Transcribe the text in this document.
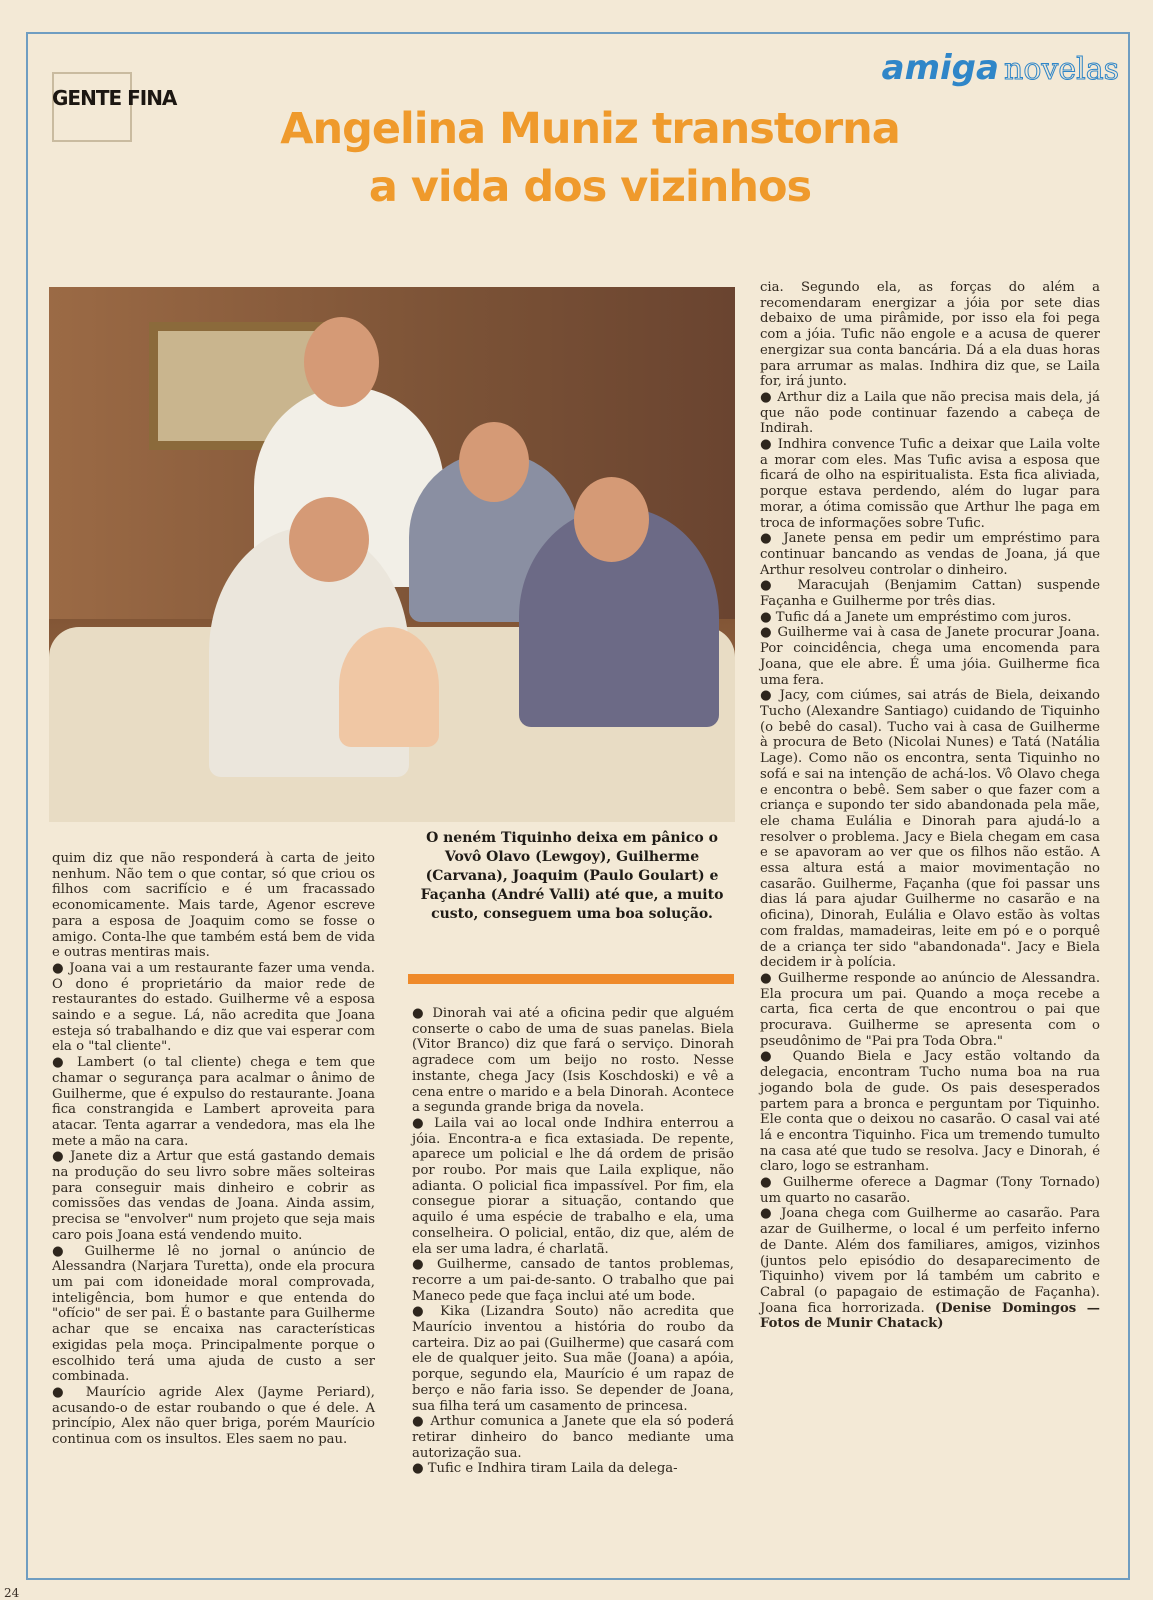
GENTE FINA
amiga novelas
Angelina Muniz transtorna
a vida dos vizinhos
O neném Tiquinho deixa em pânico o Vovô Olavo (Lewgoy), Guilherme (Carvana), Joaquim (Paulo Goulart) e Façanha (André Valli) até que, a muito custo, conseguem uma boa solução.

quim diz que não responderá à carta de jeito nenhum. Não tem o que contar, só que criou os filhos com sacrifício e é um fracassado economicamente. Mais tarde, Agenor escreve para a esposa de Joaquim como se fosse o amigo. Conta-lhe que também está bem de vida e outras mentiras mais.

● Joana vai a um restaurante fazer uma venda. O dono é proprietário da maior rede de restaurantes do estado. Guilherme vê a esposa saindo e a segue. Lá, não acredita que Joana esteja só trabalhando e diz que vai esperar com ela o "tal cliente".

● Lambert (o tal cliente) chega e tem que chamar o segurança para acalmar o ânimo de Guilherme, que é expulso do restaurante. Joana fica constrangida e Lambert aproveita para atacar. Tenta agarrar a vendedora, mas ela lhe mete a mão na cara.

● Janete diz a Artur que está gastando demais na produção do seu livro sobre mães solteiras para conseguir mais dinheiro e cobrir as comissões das vendas de Joana. Ainda assim, precisa se "envolver" num projeto que seja mais caro pois Joana está vendendo muito.

● Guilherme lê no jornal o anúncio de Alessandra (Narjara Turetta), onde ela procura um pai com idoneidade moral comprovada, inteligência, bom humor e que entenda do "ofício" de ser pai. É o bastante para Guilherme achar que se encaixa nas características exigidas pela moça. Principalmente porque o escolhido terá uma ajuda de custo a ser combinada.

● Maurício agride Alex (Jayme Periard), acusando-o de estar roubando o que é dele. A princípio, Alex não quer briga, porém Maurício continua com os insultos. Eles saem no pau.

● Dinorah vai até a oficina pedir que alguém conserte o cabo de uma de suas panelas. Biela (Vitor Branco) diz que fará o serviço. Dinorah agradece com um beijo no rosto. Nesse instante, chega Jacy (Isis Koschdoski) e vê a cena entre o marido e a bela Dinorah. Acontece a segunda grande briga da novela.

● Laila vai ao local onde Indhira enterrou a jóia. Encontra-a e fica extasiada. De repente, aparece um policial e lhe dá ordem de prisão por roubo. Por mais que Laila explique, não adianta. O policial fica impassível. Por fim, ela consegue piorar a situação, contando que aquilo é uma espécie de trabalho e ela, uma conselheira. O policial, então, diz que, além de ela ser uma ladra, é charlatã.

● Guilherme, cansado de tantos problemas, recorre a um pai-de-santo. O trabalho que pai Maneco pede que faça inclui até um bode.

● Kika (Lizandra Souto) não acredita que Maurício inventou a história do roubo da carteira. Diz ao pai (Guilherme) que casará com ele de qualquer jeito. Sua mãe (Joana) a apóia, porque, segundo ela, Maurício é um rapaz de berço e não faria isso. Se depender de Joana, sua filha terá um casamento de princesa.

● Arthur comunica a Janete que ela só poderá retirar dinheiro do banco mediante uma autorização sua.

● Tufic e Indhira tiram Laila da delega-

cia. Segundo ela, as forças do além a recomendaram energizar a jóia por sete dias debaixo de uma pirâmide, por isso ela foi pega com a jóia. Tufic não engole e a acusa de querer energizar sua conta bancária. Dá a ela duas horas para arrumar as malas. Indhira diz que, se Laila for, irá junto.

● Arthur diz a Laila que não precisa mais dela, já que não pode continuar fazendo a cabeça de Indirah.

● Indhira convence Tufic a deixar que Laila volte a morar com eles. Mas Tufic avisa a esposa que ficará de olho na espiritualista. Esta fica aliviada, porque estava perdendo, além do lugar para morar, a ótima comissão que Arthur lhe paga em troca de informações sobre Tufic.

● Janete pensa em pedir um empréstimo para continuar bancando as vendas de Joana, já que Arthur resolveu controlar o dinheiro.

● Maracujah (Benjamim Cattan) suspende Façanha e Guilherme por três dias.

● Tufic dá a Janete um empréstimo com juros.

● Guilherme vai à casa de Janete procurar Joana. Por coincidência, chega uma encomenda para Joana, que ele abre. É uma jóia. Guilherme fica uma fera.

● Jacy, com ciúmes, sai atrás de Biela, deixando Tucho (Alexandre Santiago) cuidando de Tiquinho (o bebê do casal). Tucho vai à casa de Guilherme à procura de Beto (Nicolai Nunes) e Tatá (Natália Lage). Como não os encontra, senta Tiquinho no sofá e sai na intenção de achá-los. Vô Olavo chega e encontra o bebê. Sem saber o que fazer com a criança e supondo ter sido abandonada pela mãe, ele chama Eulália e Dinorah para ajudá-lo a resolver o problema. Jacy e Biela chegam em casa e se apavoram ao ver que os filhos não estão. A essa altura está a maior movimentação no casarão. Guilherme, Façanha (que foi passar uns dias lá para ajudar Guilherme no casarão e na oficina), Dinorah, Eulália e Olavo estão às voltas com fraldas, mamadeiras, leite em pó e o porquê de a criança ter sido "abandonada". Jacy e Biela decidem ir à polícia.

● Guilherme responde ao anúncio de Alessandra. Ela procura um pai. Quando a moça recebe a carta, fica certa de que encontrou o pai que procurava. Guilherme se apresenta com o pseudônimo de "Pai pra Toda Obra."

● Quando Biela e Jacy estão voltando da delegacia, encontram Tucho numa boa na rua jogando bola de gude. Os pais desesperados partem para a bronca e perguntam por Tiquinho. Ele conta que o deixou no casarão. O casal vai até lá e encontra Tiquinho. Fica um tremendo tumulto na casa até que tudo se resolva. Jacy e Dinorah, é claro, logo se estranham.

● Guilherme oferece a Dagmar (Tony Tornado) um quarto no casarão.

● Joana chega com Guilherme ao casarão. Para azar de Guilherme, o local é um perfeito inferno de Dante. Além dos familiares, amigos, vizinhos (juntos pelo episódio do desaparecimento de Tiquinho) vivem por lá também um cabrito e Cabral (o papagaio de estimação de Façanha). Joana fica horrorizada. (Denise Domingos — Fotos de Munir Chatack)

24
